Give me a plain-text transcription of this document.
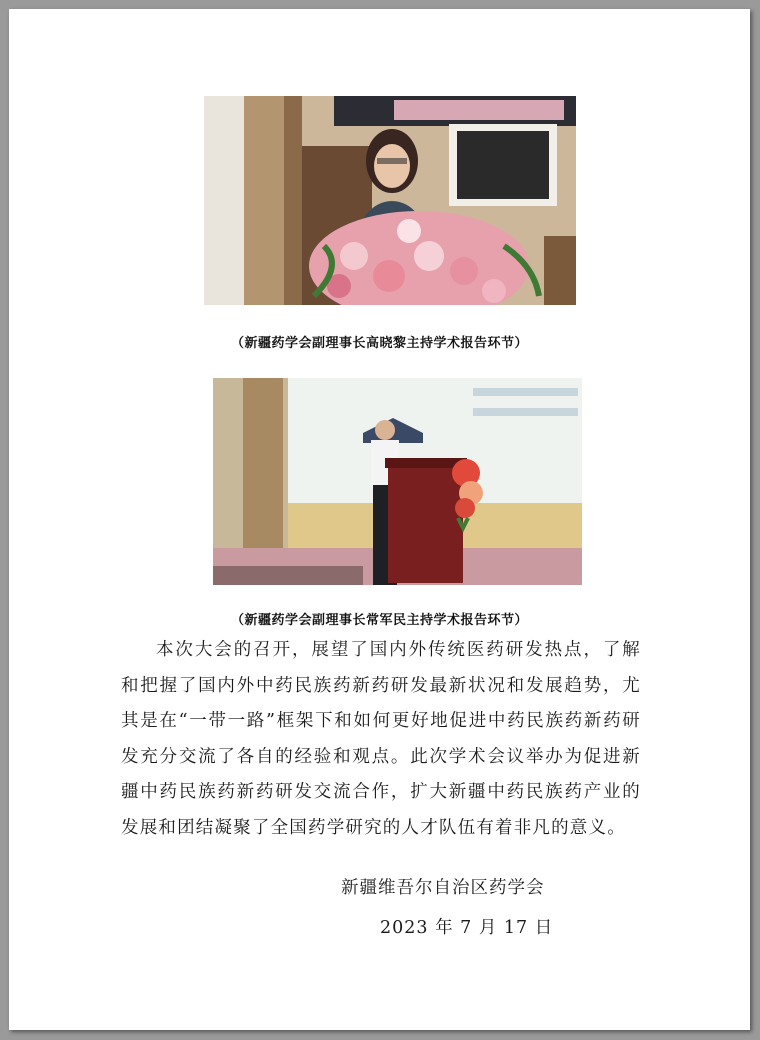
（新疆药学会副理事长高晓黎主持学术报告环节）
（新疆药学会副理事长常军民主持学术报告环节）

本次大会的召开，展望了国内外传统医药研发热点，了解和把握了国内外中药民族药新药研发最新状况和发展趋势，尤其是在“一带一路”框架下和如何更好地促进中药民族药新药研发充分交流了各自的经验和观点。此次学术会议举办为促进新疆中药民族药新药研发交流合作，扩大新疆中药民族药产业的发展和团结凝聚了全国药学研究的人才队伍有着非凡的意义。

新疆维吾尔自治区药学会
2023 年 7 月 17 日
